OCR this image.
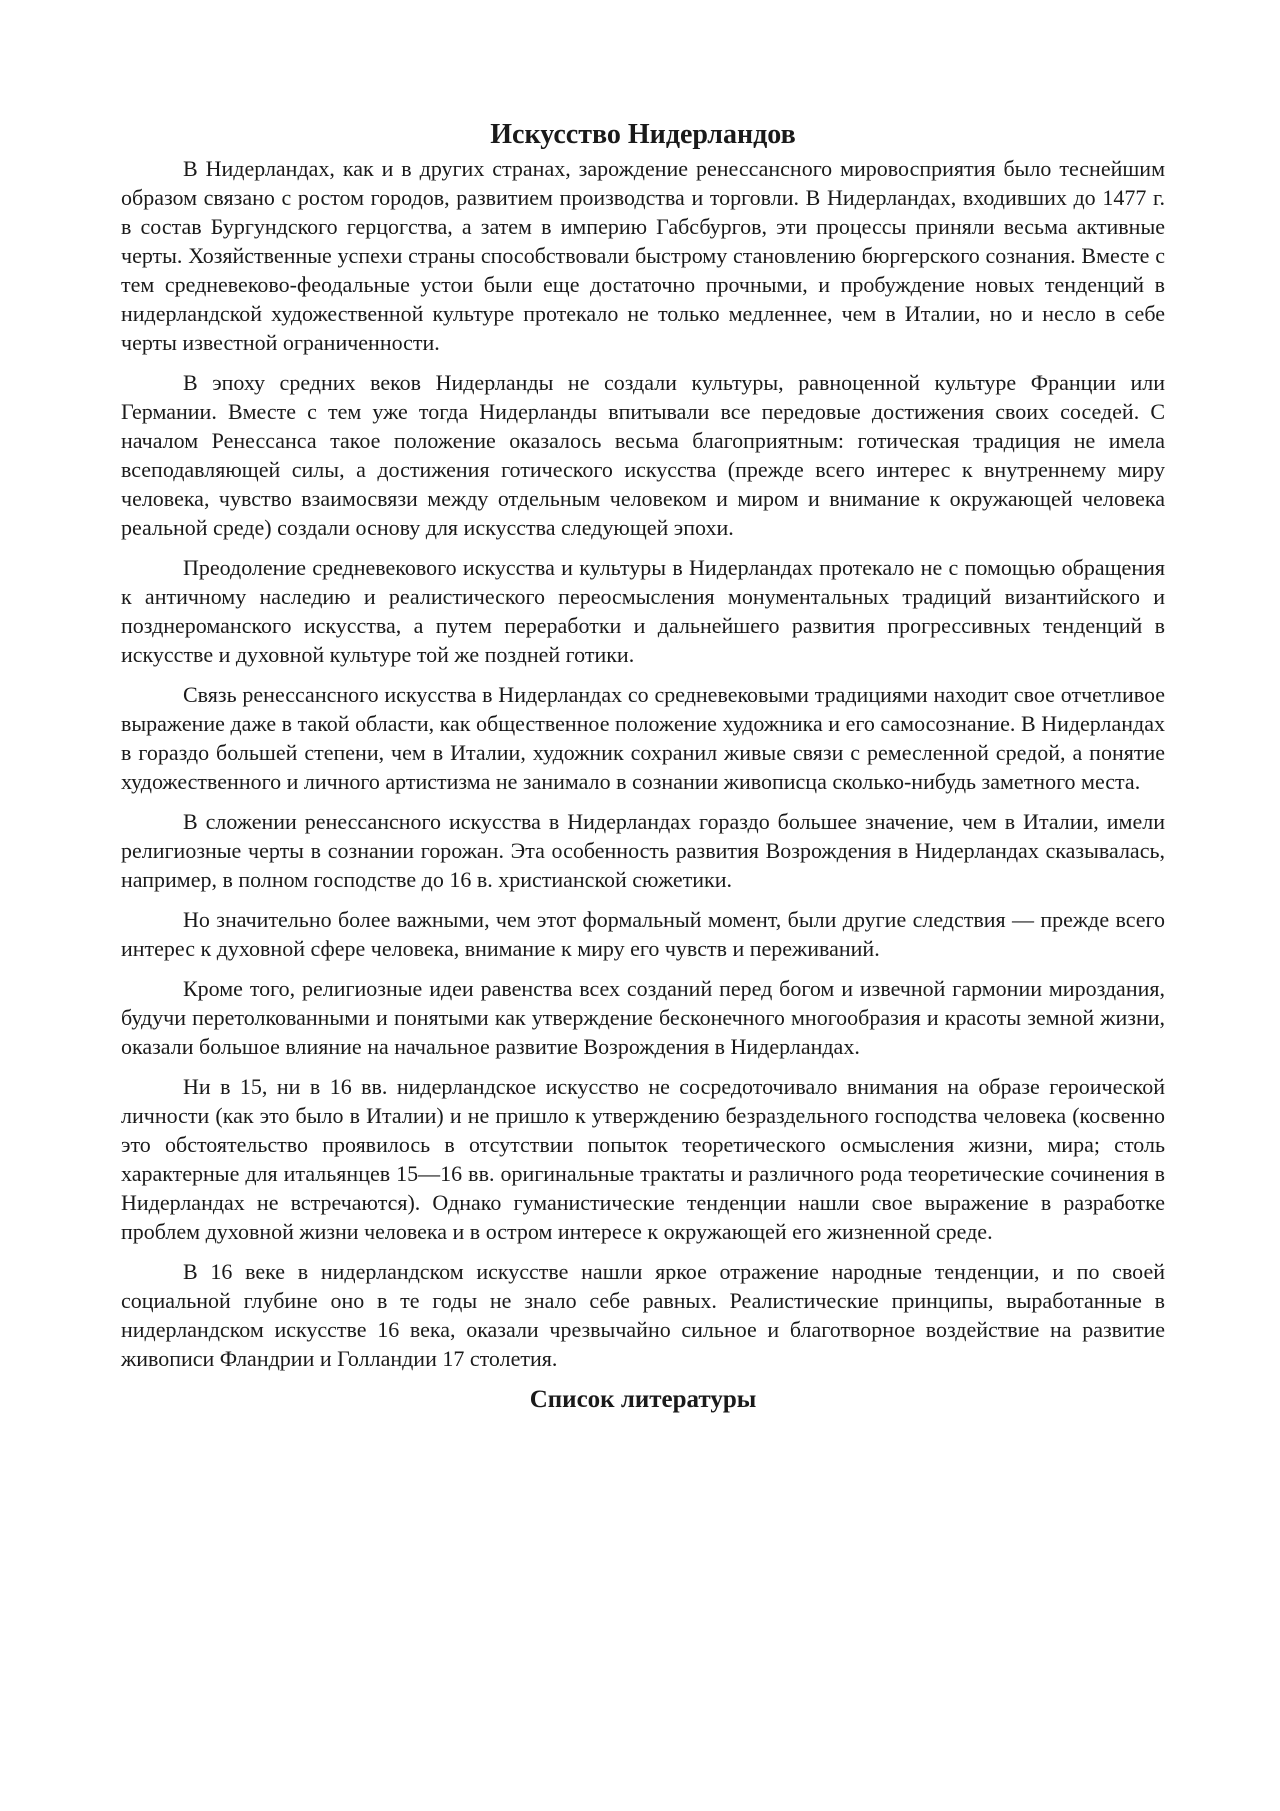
Искусство Нидерландов

В Нидерландах, как и в других странах, зарождение ренессансного мировосприятия было теснейшим образом связано с ростом городов, развитием производства и торговли. В Нидерландах, входивших до 1477 г. в состав Бургундского герцогства, а затем в империю Габсбургов, эти процессы приняли весьма активные черты. Хозяйственные успехи страны способствовали быстрому становлению бюргерского сознания. Вместе с тем средневеково-феодальные устои были еще достаточно прочными, и пробуждение новых тенденций в нидерландской художественной культуре протекало не только медленнее, чем в Италии, но и несло в себе черты известной ограниченности.

В эпоху средних веков Нидерланды не создали культуры, равноценной культуре Франции или Германии. Вместе с тем уже тогда Нидерланды впитывали все передовые достижения своих соседей. С началом Ренессанса такое положение оказалось весьма благоприятным: готическая традиция не имела всеподавляющей силы, а достижения готического искусства (прежде всего интерес к внутреннему миру человека, чувство взаимосвязи между отдельным человеком и миром и внимание к окружающей человека реальной среде) создали основу для искусства следующей эпохи.

Преодоление средневекового искусства и культуры в Нидерландах протекало не с помощью обращения к античному наследию и реалистического переосмысления монументальных традиций византийского и позднероманского искусства, а путем переработки и дальнейшего развития прогрессивных тенденций в искусстве и духовной культуре той же поздней готики.

Связь ренессансного искусства в Нидерландах со средневековыми традициями находит свое отчетливое выражение даже в такой области, как общественное положение художника и его самосознание. В Нидерландах в гораздо большей степени, чем в Италии, художник сохранил живые связи с ремесленной средой, а понятие художественного и личного артистизма не занимало в сознании живописца сколько-нибудь заметного места.

В сложении ренессансного искусства в Нидерландах гораздо большее значение, чем в Италии, имели религиозные черты в сознании горожан. Эта особенность развития Возрождения в Нидерландах сказывалась, например, в полном господстве до 16 в. христианской сюжетики.

Но значительно более важными, чем этот формальный момент, были другие следствия — прежде всего интерес к духовной сфере человека, внимание к миру его чувств и переживаний.

Кроме того, религиозные идеи равенства всех созданий перед богом и извечной гармонии мироздания, будучи перетолкованными и понятыми как утверждение бесконечного многообразия и красоты земной жизни, оказали большое влияние на начальное развитие Возрождения в Нидерландах.

Ни в 15, ни в 16 вв. нидерландское искусство не сосредоточивало внимания на образе героической личности (как это было в Италии) и не пришло к утверждению безраздельного господства человека (косвенно это обстоятельство проявилось в отсутствии попыток теоретического осмысления жизни, мира; столь характерные для итальянцев 15—16 вв. оригинальные трактаты и различного рода теоретические сочинения в Нидерландах не встречаются). Однако гуманистические тенденции нашли свое выражение в разработке проблем духовной жизни человека и в остром интересе к окружающей его жизненной среде.

В 16 веке в нидерландском искусстве нашли яркое отражение народные тенденции, и по своей социальной глубине оно в те годы не знало себе равных. Реалистические принципы, выработанные в нидерландском искусстве 16 века, оказали чрезвычайно сильное и благотворное воздействие на развитие живописи Фландрии и Голландии 17 столетия.

Список литературы
